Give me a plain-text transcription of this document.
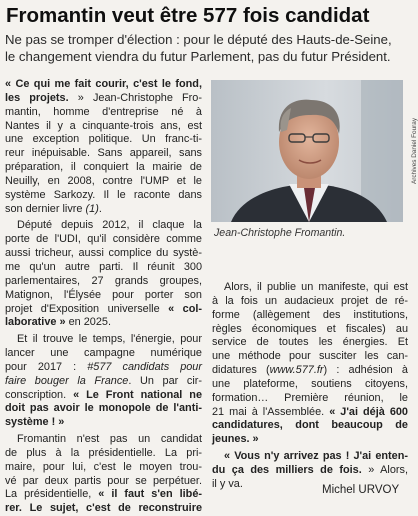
Fromantin veut être 577 fois candidat
Ne pas se tromper d'élection : pour le député des Hauts-de-Seine,
le changement viendra du futur Parlement, pas du futur Président.
« Ce qui me fait courir, c'est le fond,
les projets. » Jean-Christophe Fro-
mantin, homme d'entreprise né à
Nantes il y a cinquante-trois ans, est
une exception politique. Un franc-ti-
reur inépuisable. Sans appareil, sans
préparation, il conquiert la mairie de
Neuilly, en 2008, contre l'UMP et le
système Sarkozy. Il le raconte dans
son dernier livre (1).
Député depuis 2012, il claque la
porte de l'UDI, qu'il considère comme
aussi tricheur, aussi complice du systè-
me qu'un autre parti. Il réunit 300
parlementaires, 27 grands groupes,
Matignon, l'Élysée pour porter son
projet d'Exposition universelle « col-
laborative » en 2025.
Et il trouve le temps, l'énergie, pour
lancer une campagne numérique
pour 2017 : #577 candidats pour
faire bouger la France. Un par cir-
conscription. « Le Front national ne
doit pas avoir le monopole de l'anti-
système ! »
Fromantin n'est pas un candidat
de plus à la présidentielle. La pri-
maire, pour lui, c'est le moyen trou-
vé par deux partis pour se perpétuer.
La présidentielle, « il faut s'en libé-
rer. Le sujet, c'est de reconstruire
Archives Daniel Fouray
Jean-Christophe Fromantin.
Alors, il publie un manifeste, qui est
à la fois un audacieux projet de ré-
forme (allègement des institutions,
règles économiques et fiscales) au
service de toutes les énergies. Et
une méthode pour susciter les can-
didatures (www.577.fr) : adhésion à
une plateforme, soutiens citoyens,
formation… Première réunion, le
21 mai à l'Assemblée. « J'ai déjà 600
candidatures, dont beaucoup de
jeunes. »
« Vous n'y arrivez pas ! J'ai enten-
du ça des milliers de fois. » Alors,
il y va.
Michel URVOY
